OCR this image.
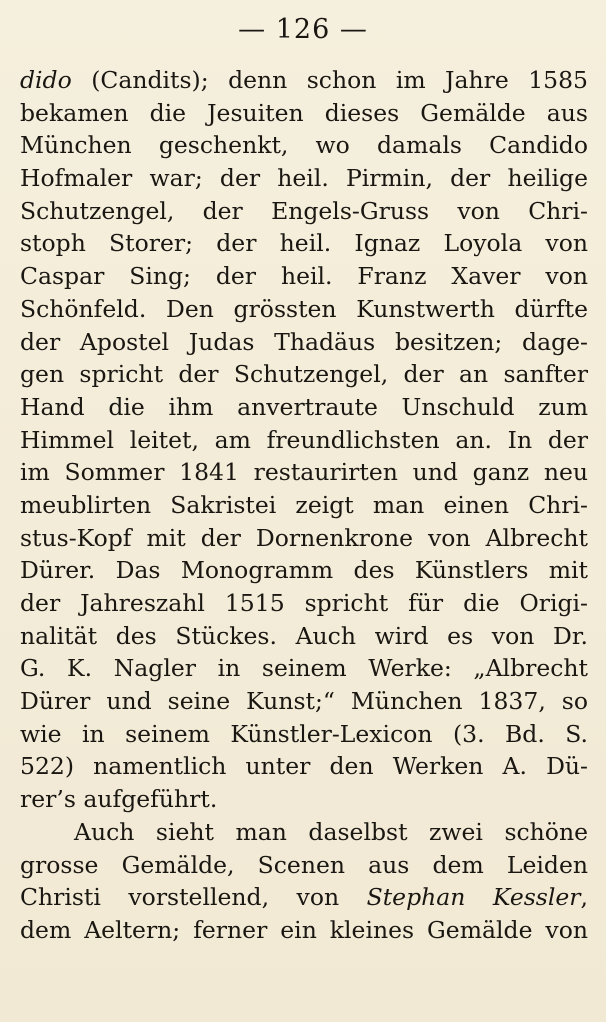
— 126 —
dido (Candits); denn schon im Jahre 1585
bekamen die Jesuiten dieses Gemälde aus
München geschenkt, wo damals Candido
Hofmaler war; der heil. Pirmin, der heilige
Schutzengel, der Engels-Gruss von Chri-
stoph Storer; der heil. Ignaz Loyola von
Caspar Sing; der heil. Franz Xaver von
Schönfeld. Den grössten Kunstwerth dürfte
der Apostel Judas Thadäus besitzen; dage-
gen spricht der Schutzengel, der an sanfter
Hand die ihm anvertraute Unschuld zum
Himmel leitet, am freundlichsten an. In der
im Sommer 1841 restaurirten und ganz neu
meublirten Sakristei zeigt man einen Chri-
stus-Kopf mit der Dornenkrone von Albrecht
Dürer. Das Monogramm des Künstlers mit
der Jahreszahl 1515 spricht für die Origi-
nalität des Stückes. Auch wird es von Dr.
G. K. Nagler in seinem Werke: „Albrecht
Dürer und seine Kunst;“ München 1837, so
wie in seinem Künstler-Lexicon (3. Bd. S.
522) namentlich unter den Werken A. Dü-
rer’s aufgeführt.
Auch sieht man daselbst zwei schöne
grosse Gemälde, Scenen aus dem Leiden
Christi vorstellend, von Stephan Kessler,
dem Aeltern; ferner ein kleines Gemälde von
